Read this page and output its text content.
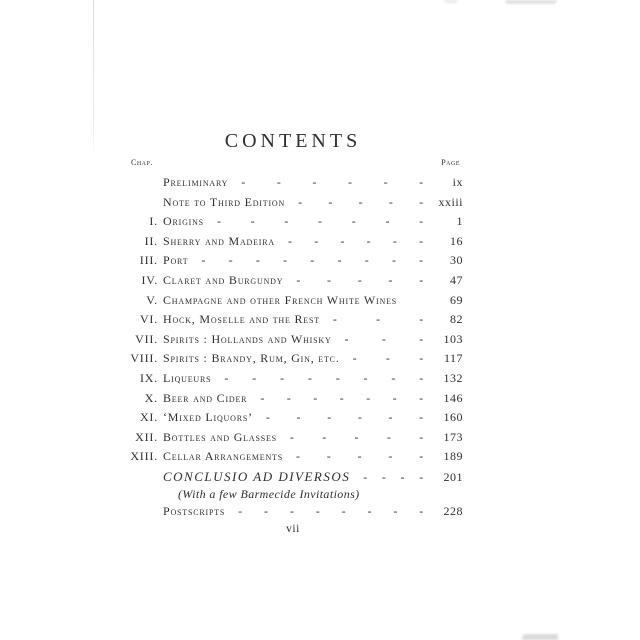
CONTENTS
Chap.	Page
Preliminary -	-	-	-	-	-	ix
Note to Third Edition - - - - -	xxiii
I. Origins - - - - - - -	1
II. Sherry and Madeira - - - - - -	16
III. Port - - - - - - - - -	30
IV. Claret and Burgundy - - - - -	47
V. Champagne and other French White Wines	69
VI. Hock, Moselle and the Rest -	-	-	82
VII. Spirits : Hollands and Whisky -	-	-	103
VIII. Spirits : Brandy, Rum, Gin, etc. - - -	117
IX. Liqueurs - - - - - - - -	132
X. Beer and Cider - - - - - - -	146
XI. ‘Mixed Liquors’ - - - - - -	160
XII. Bottles and Glasses - - - - -	173
XIII. Cellar Arrangements - - - - -	189
CONCLUSIO AD DIVERSOS - - - -	201
(With a few Barmecide Invitations)
Postscripts - - - - - - - -	228
vii
